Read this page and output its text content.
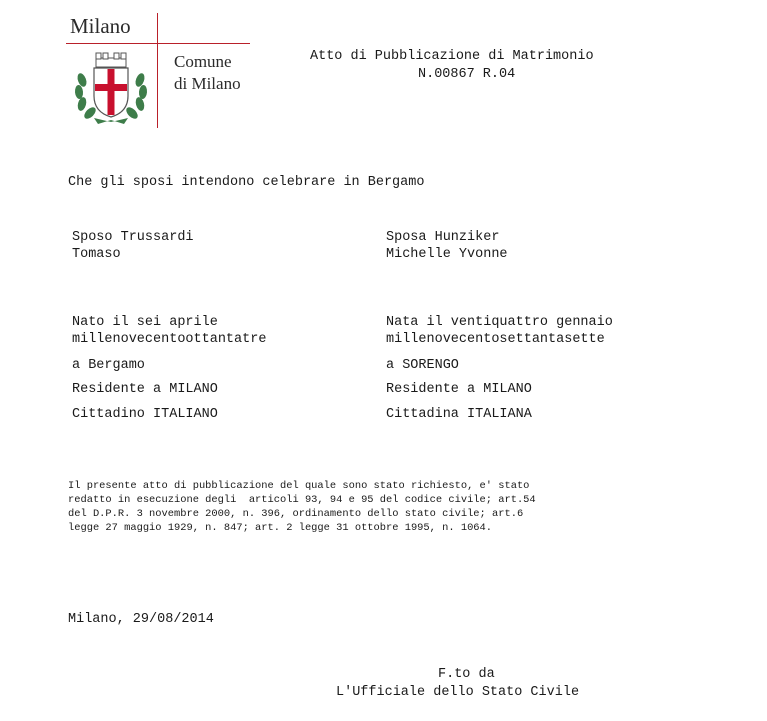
Milano
Comune
di Milano
Atto di Pubblicazione di Matrimonio
N.00867 R.04
Che gli sposi intendono celebrare in Bergamo
Sposo Trussardi
Tomaso
Nato il sei aprile
millenovecentoottantatre
a Bergamo
Residente a MILANO
Cittadino ITALIANO
Sposa Hunziker
Michelle Yvonne
Nata il ventiquattro gennaio
millenovecentosettantasette
a SORENGO
Residente a MILANO
Cittadina ITALIANA
Il presente atto di pubblicazione del quale sono stato richiesto, e' stato
redatto in esecuzione degli  articoli 93, 94 e 95 del codice civile; art.54
del D.P.R. 3 novembre 2000, n. 396, ordinamento dello stato civile; art.6
legge 27 maggio 1929, n. 847; art. 2 legge 31 ottobre 1995, n. 1064.
Milano, 29/08/2014
F.to da
L'Ufficiale dello Stato Civile
